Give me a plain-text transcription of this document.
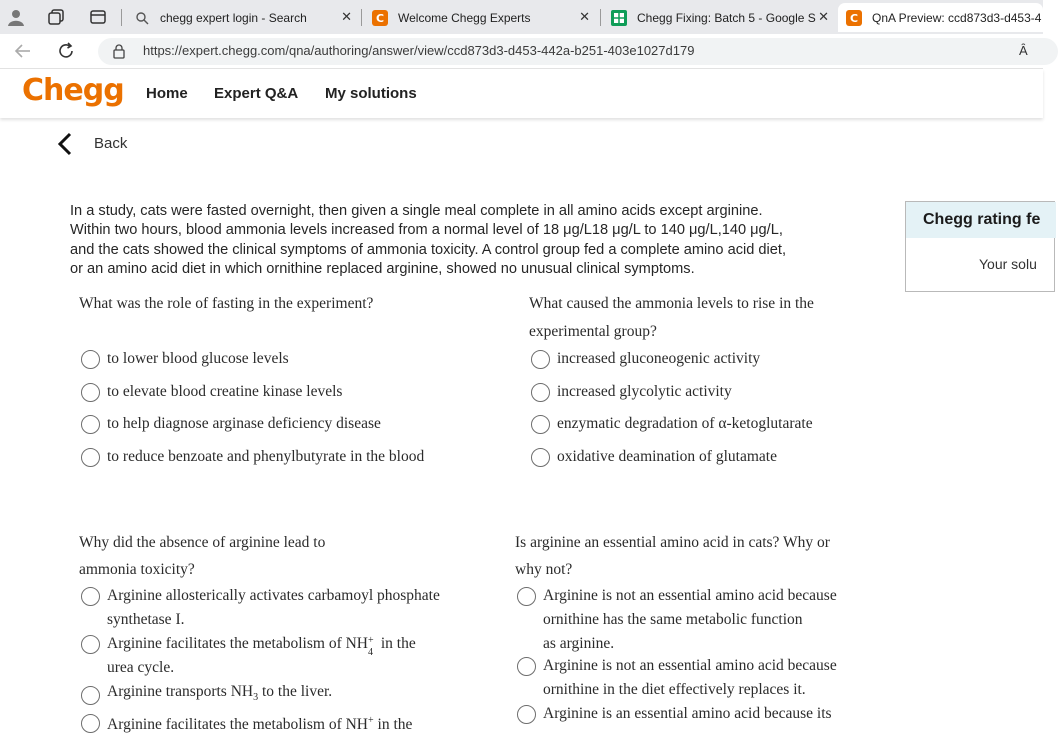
chegg expert login - Search	✕ C Welcome Chegg Experts	✕	Chegg Fixing: Batch 5 - Google S ✕ C QnA Preview: ccd873d3-d453-4
https://expert.chegg.com/qna/authoring/answer/view/ccd873d3-d453-442a-b251-403e1027d179	Ȃ
Chegg Home Expert Q&A My solutions
Back
In a study, cats were fasted overnight, then given a single meal complete in all amino acids except arginine.
Within two hours, blood ammonia levels increased from a normal level of 18 μg/L18 μg/L to 140 μg/L,140 μg/L,
and the cats showed the clinical symptoms of ammonia toxicity. A control group fed a complete amino acid diet,
or an amino acid diet in which ornithine replaced arginine, showed no unusual clinical symptoms.
What was the role of fasting in the experiment?
to lower blood glucose levels
to elevate blood creatine kinase levels
to help diagnose arginase deficiency disease
to reduce benzoate and phenylbutyrate in the blood
What caused the ammonia levels to rise in the
experimental group?
increased gluconeogenic activity
increased glycolytic activity
enzymatic degradation of α-ketoglutarate
oxidative deamination of glutamate
Why did the absence of arginine lead to
ammonia toxicity?
Arginine allosterically activates carbamoyl phosphate
synthetase I.
Arginine facilitates the metabolism of NH +
4
in the
urea cycle.
Arginine transports $NH_3$ to the liver.
Arginine facilitates the metabolism of NH+ in the
Is arginine an essential amino acid in cats? Why or
why not?
Arginine is not an essential amino acid because
ornithine has the same metabolic function
as arginine.
Arginine is not an essential amino acid because
ornithine in the diet effectively replaces it.
Arginine is an essential amino acid because its
Chegg rating fe
Your solu
